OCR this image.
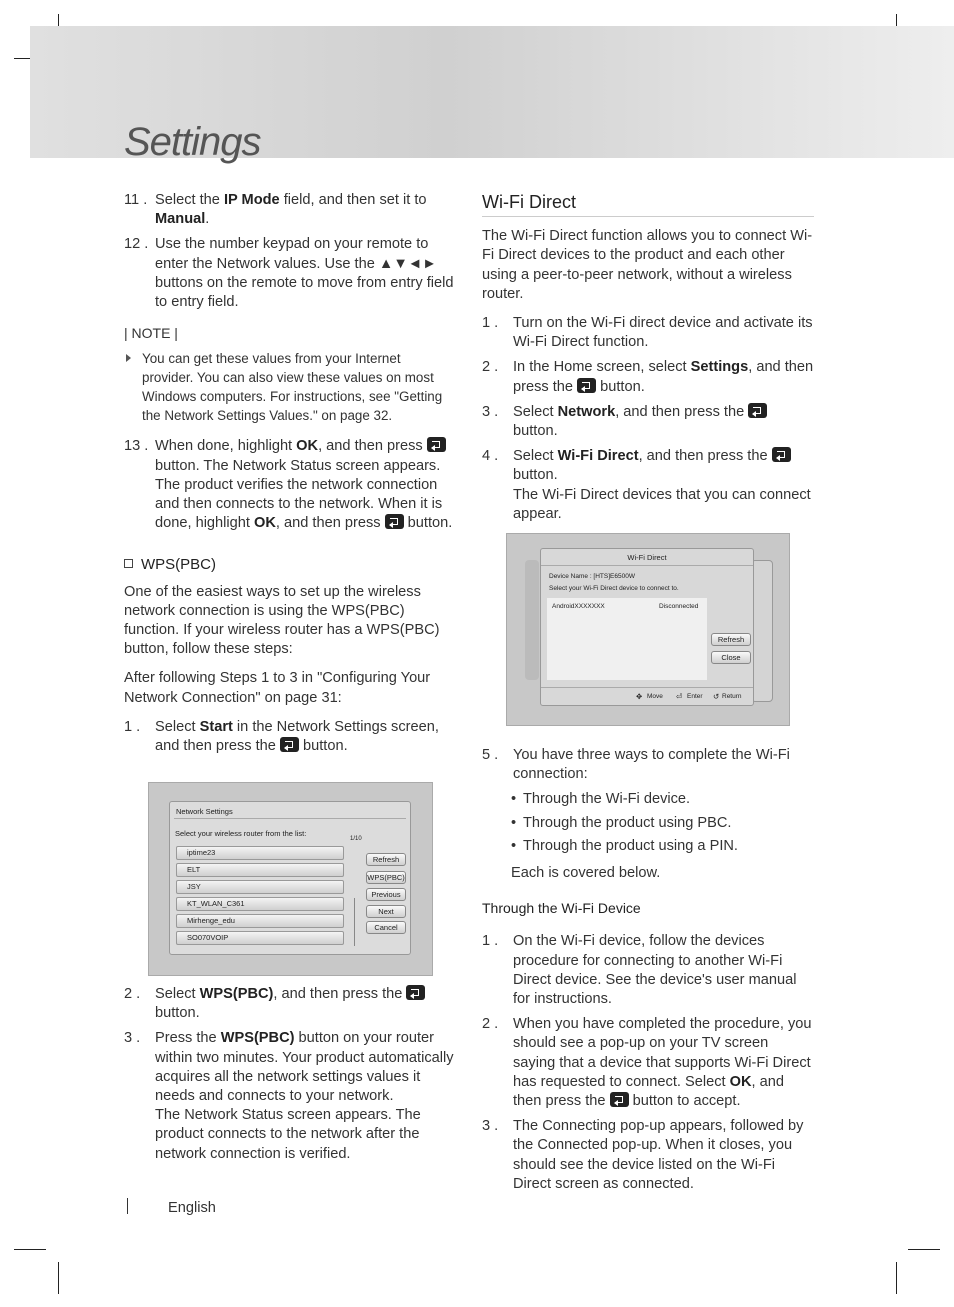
Settings
11 . Select the IP Mode field, and then set it to Manual.
12 . Use the number keypad on your remote to enter the Network values. Use the ▲▼◄► buttons on the remote to move from entry field to entry field.
| NOTE |
You can get these values from your Internet provider. You can also view these values on most Windows computers. For instructions, see "Getting the Network Settings Values." on page 32.
13 . When done, highlight OK, and then press  button. The Network Status screen appears. The product verifies the network connection and then connects to the network. When it is done, highlight OK, and then press  button.
WPS(PBC)

One of the easiest ways to set up the wireless network connection is using the WPS(PBC) function. If your wireless router has a WPS(PBC) button, follow these steps:

After following Steps 1 to 3 in "Configuring Your Network Connection" on page 31:

1 . Select Start in the Network Settings screen, and then press the  button.
Network Settings
Select your wireless router from the list:
1/10
iptime23
ELT
JSY
KT_WLAN_C361
Mirhenge_edu
SO070VOIP
Refresh
WPS(PBC)
Previous
Next
Cancel
2 . Select WPS(PBC), and then press the  button.
3 . Press the WPS(PBC) button on your router within two minutes. Your product automatically acquires all the network settings values it needs and connects to your network.
The Network Status screen appears. The product connects to the network after the network connection is verified.
Wi-Fi Direct

The Wi-Fi Direct function allows you to connect Wi-Fi Direct devices to the product and each other using a peer-to-peer network, without a wireless router.

1 . Turn on the Wi-Fi direct device and activate its Wi-Fi Direct function.
2 . In the Home screen, select Settings, and then press the  button.
3 . Select Network, and then press the  button.
4 . Select Wi-Fi Direct, and then press the  button.
The Wi-Fi Direct devices that you can connect appear.
Wi-Fi Direct
Device Name : [HTS]E6500W
Select your Wi-Fi Direct device to connect to.
AndroidXXXXXXX	Disconnected
Refresh
Close
✥ Move ⏎ Enter ↺ Return
5 . You have three ways to complete the Wi-Fi connection:
• Through the Wi-Fi device.
• Through the product using PBC.
• Through the product using a PIN.

Each is covered below.

Through the Wi-Fi Device
1 . On the Wi-Fi device, follow the devices procedure for connecting to another Wi-Fi Direct device. See the device's user manual for instructions.
2 . When you have completed the procedure, you should see a pop-up on your TV screen saying that a device that supports Wi-Fi Direct has requested to connect. Select OK, and then press the  button to accept.
3 . The Connecting pop-up appears, followed by the Connected pop-up. When it closes, you should see the device listed on the Wi-Fi Direct screen as connected.
English
